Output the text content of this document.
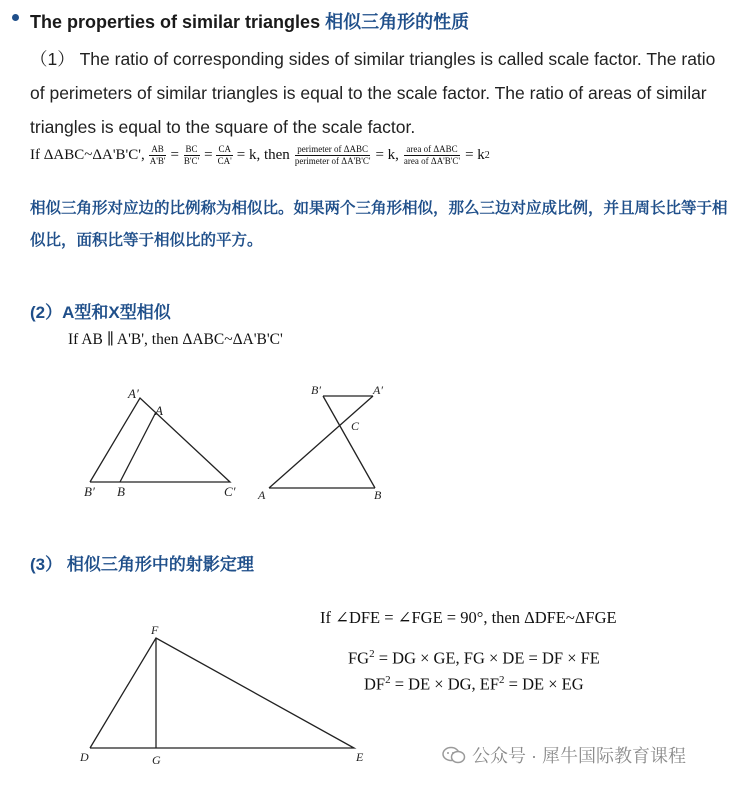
The properties of similar triangles 相似三角形的性质
（1） The ratio of corresponding sides of similar triangles is called scale factor. The ratio of perimeters of similar triangles is equal to the scale factor. The ratio of areas of similar triangles is equal to the square of the scale factor.
If ΔABC~ΔA'B'C', $\frac{AB}{A'B'} = \frac{BC}{B'C'} = \frac{CA}{CA'} = k$, then $\frac{\text{perimeter of ΔABC}}{\text{perimeter of ΔA'B'C'}} = k$, $\frac{\text{area of ΔABC}}{\text{area of ΔA'B'C'}} = k$ 2
相似三角形对应边的比例称为相似比。如果两个三角形相似，那么三边对应成比例，并且周长比等于相似比，面积比等于相似比的平方。
(2）A型和X型相似
If AB ∥ A'B', then ΔABC~ΔA'B'C'
A′
A
B′ B	C′
B′	A′
C
A	B
(3） 相似三角形中的射影定理
F
D	G	E
If ∠DFE = ∠FGE = 90°, then ΔDFE~ΔFGE
$FG^2$ = DG × GE, FG × DE = DF × FE
$DF^2$ = DE × DG, $EF^2$ = DE × EG
公众号 · 犀牛国际教育课程
